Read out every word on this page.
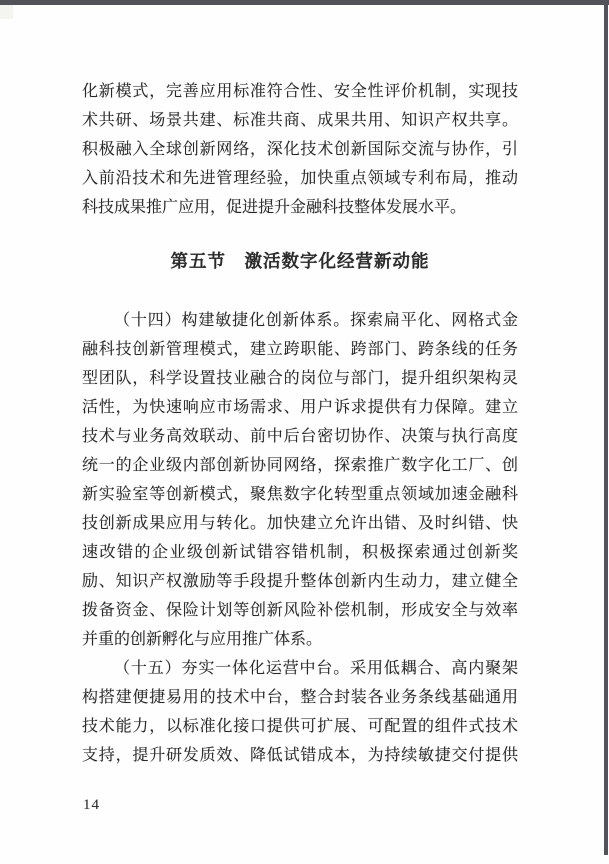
化新模式，完善应用标准符合性、安全性评价机制，实现技
术共研、场景共建、标准共商、成果共用、知识产权共享。
积极融入全球创新网络，深化技术创新国际交流与协作，引
入前沿技术和先进管理经验，加快重点领域专利布局，推动
科技成果推广应用，促进提升金融科技整体发展水平。
第五节　激活数字化经营新动能
（十四）构建敏捷化创新体系。探索扁平化、网格式金
融科技创新管理模式，建立跨职能、跨部门、跨条线的任务
型团队，科学设置技业融合的岗位与部门，提升组织架构灵
活性，为快速响应市场需求、用户诉求提供有力保障。建立
技术与业务高效联动、前中后台密切协作、决策与执行高度
统一的企业级内部创新协同网络，探索推广数字化工厂、创
新实验室等创新模式，聚焦数字化转型重点领域加速金融科
技创新成果应用与转化。加快建立允许出错、及时纠错、快
速改错的企业级创新试错容错机制，积极探索通过创新奖
励、知识产权激励等手段提升整体创新内生动力，建立健全
拨备资金、保险计划等创新风险补偿机制，形成安全与效率
并重的创新孵化与应用推广体系。
（十五）夯实一体化运营中台。采用低耦合、高内聚架
构搭建便捷易用的技术中台，整合封装各业务条线基础通用
技术能力，以标准化接口提供可扩展、可配置的组件式技术
支持，提升研发质效、降低试错成本，为持续敏捷交付提供
14
